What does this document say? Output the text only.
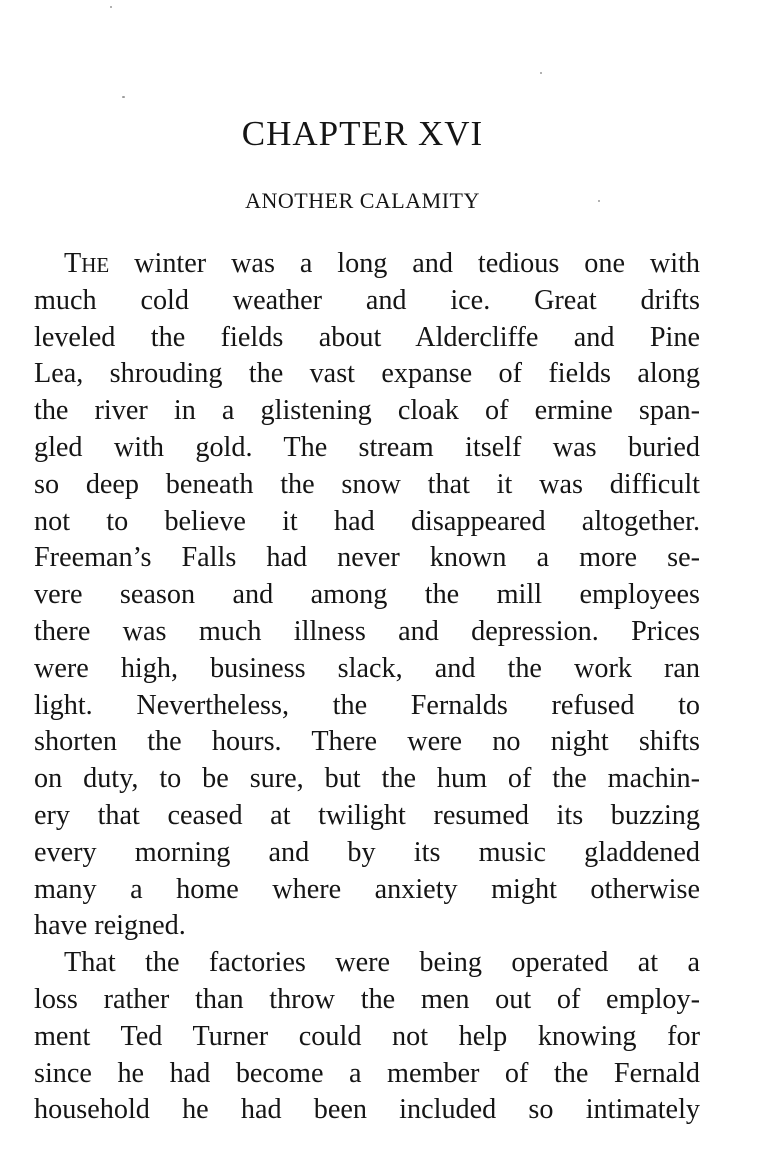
CHAPTER XVI
ANOTHER CALAMITY
THE winter was a long and tedious one with
much cold weather and ice. Great drifts
leveled the fields about Aldercliffe and Pine
Lea, shrouding the vast expanse of fields along
the river in a glistening cloak of ermine span-
gled with gold. The stream itself was buried
so deep beneath the snow that it was difficult
not to believe it had disappeared altogether.
Freeman’s Falls had never known a more se-
vere season and among the mill employees
there was much illness and depression. Prices
were high, business slack, and the work ran
light. Nevertheless, the Fernalds refused to
shorten the hours. There were no night shifts
on duty, to be sure, but the hum of the machin-
ery that ceased at twilight resumed its buzzing
every morning and by its music gladdened
many a home where anxiety might otherwise
have reigned.
That the factories were being operated at a
loss rather than throw the men out of employ-
ment Ted Turner could not help knowing for
since he had become a member of the Fernald
household he had been included so intimately
